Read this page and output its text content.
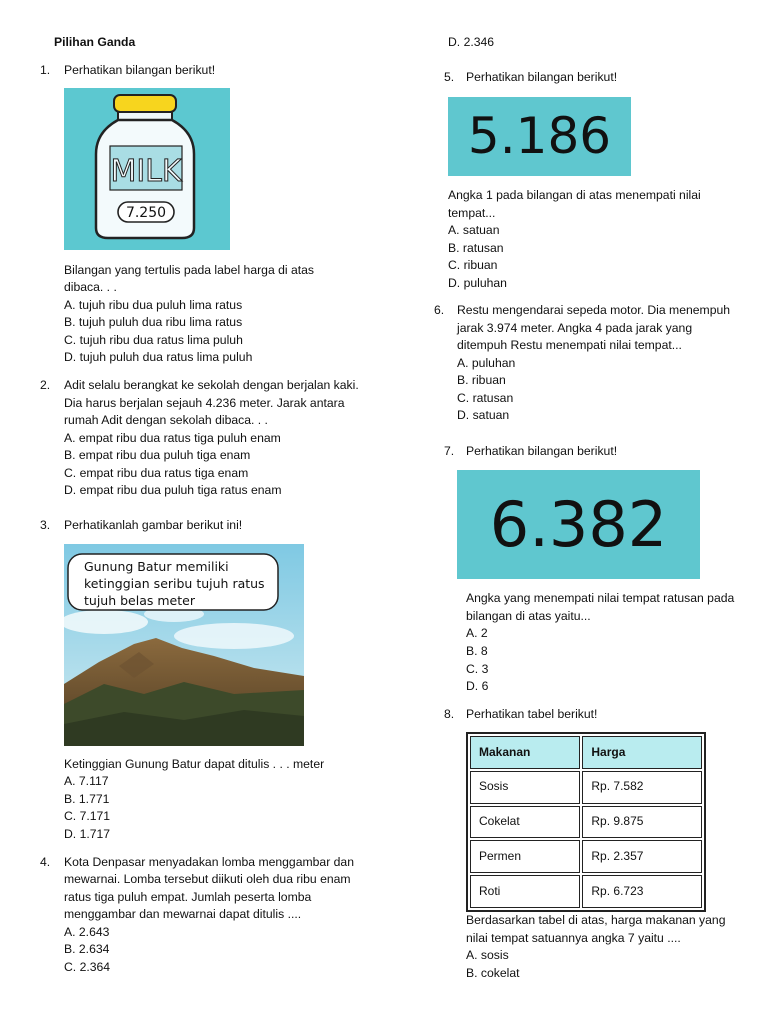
Pilihan Ganda
1. Perhatikan bilangan berikut!
MILK
7.250
Bilangan yang tertulis pada label harga di atas
dibaca. . .
A. tujuh ribu dua puluh lima ratus
B. tujuh puluh dua ribu lima ratus
C. tujuh ribu dua ratus lima puluh
D. tujuh puluh dua ratus lima puluh
2. Adit selalu berangkat ke sekolah dengan berjalan kaki.
Dia harus berjalan sejauh 4.236 meter. Jarak antara
rumah Adit dengan sekolah dibaca. . .
A. empat ribu dua ratus tiga puluh enam
B. empat ribu dua puluh tiga enam
C. empat ribu dua ratus tiga enam
D. empat ribu dua puluh tiga ratus enam
3. Perhatikanlah gambar berikut ini!
Gunung Batur memiliki
ketinggian seribu tujuh ratus
tujuh belas meter
Ketinggian Gunung Batur dapat ditulis . . . meter
A. 7.117
B. 1.771
C. 7.171
D. 1.717
4. Kota Denpasar menyadakan lomba menggambar dan
mewarnai. Lomba tersebut diikuti oleh dua ribu enam
ratus tiga puluh empat. Jumlah peserta lomba
menggambar dan mewarnai dapat ditulis ....
A. 2.643
B. 2.634
C. 2.364
D. 2.346
5. Perhatikan bilangan berikut!
5.186
Angka 1 pada bilangan di atas menempati nilai
tempat...
A. satuan
B. ratusan
C. ribuan
D. puluhan
6. Restu mengendarai sepeda motor. Dia menempuh
jarak 3.974 meter. Angka 4 pada jarak yang
ditempuh Restu menempati nilai tempat...
A. puluhan
B. ribuan
C. ratusan
D. satuan
7. Perhatikan bilangan berikut!
6.382
Angka yang menempati nilai tempat ratusan pada
bilangan di atas yaitu...
A. 2
B. 8
C. 3
D. 6
8. Perhatikan tabel berikut!
Makanan	Harga
Sosis	Rp. 7.582
Cokelat	Rp. 9.875
Permen	Rp. 2.357
Roti	Rp. 6.723
Berdasarkan tabel di atas, harga makanan yang
nilai tempat satuannya angka 7 yaitu ....
A. sosis
B. cokelat
